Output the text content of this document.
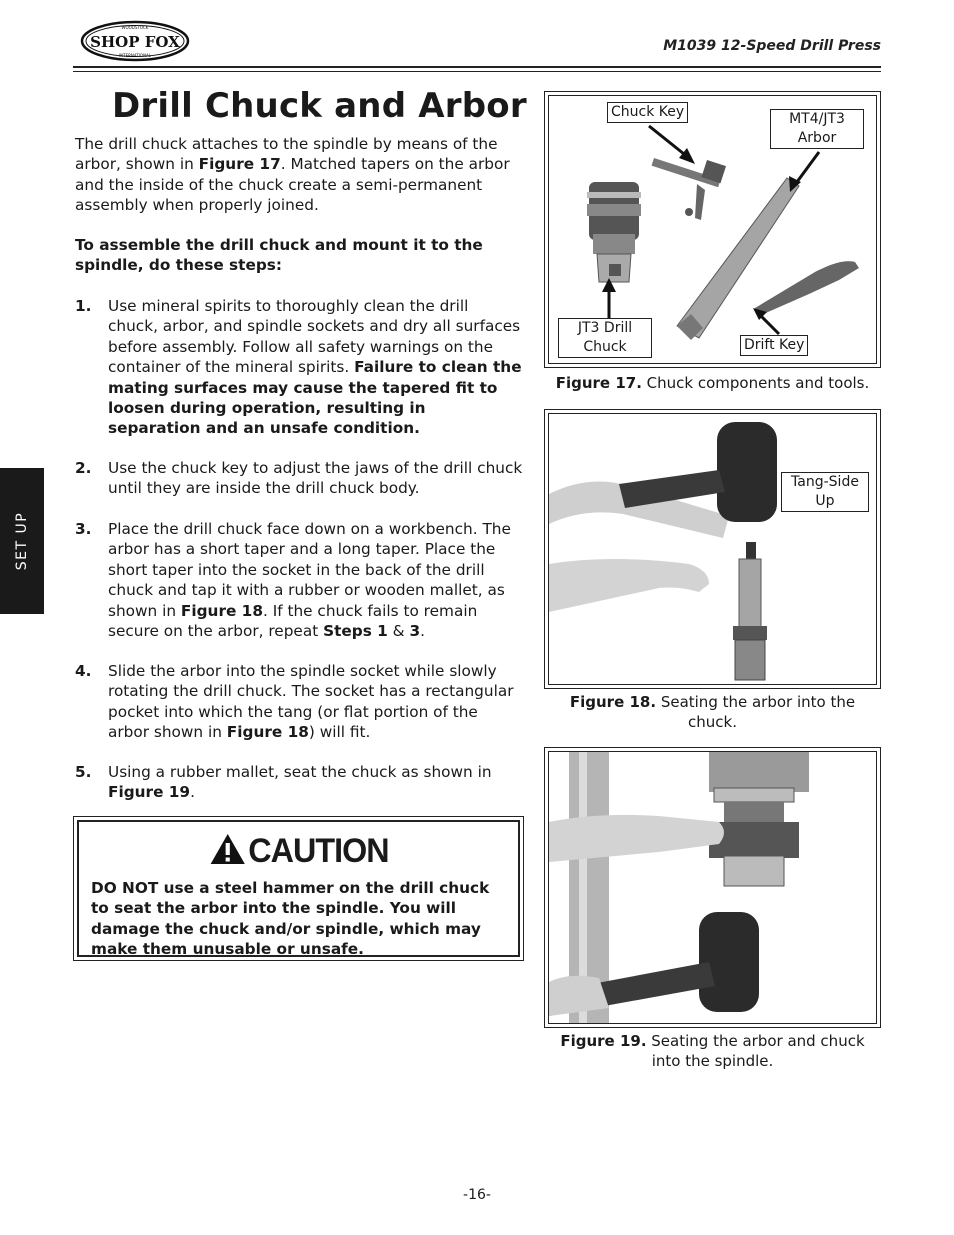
SHOP FOX
WOODSTOCK
INTERNATIONAL
M1039 12-Speed Drill Press
SET UP
Drill Chuck and Arbor
The drill chuck attaches to the spindle by means of the arbor, shown in Figure 17. Matched tapers on the arbor and the inside of the chuck create a semi-permanent assembly when properly joined.
To assemble the drill chuck and mount it to the spindle, do these steps:
1. Use mineral spirits to thoroughly clean the drill chuck, arbor, and spindle sockets and dry all surfaces before assembly. Follow all safety warnings on the container of the mineral spirits. Failure to clean the mating surfaces may cause the tapered fit to loosen during operation, resulting in separation and an unsafe condition.
2. Use the chuck key to adjust the jaws of the drill chuck until they are inside the drill chuck body.
3. Place the drill chuck face down on a workbench. The arbor has a short taper and a long taper. Place the short taper into the socket in the back of the drill chuck and tap it with a rubber or wooden mallet, as shown in Figure 18. If the chuck fails to remain secure on the arbor, repeat Steps 1 & 3.
4. Slide the arbor into the spindle socket while slowly rotating the drill chuck. The socket has a rectangular pocket into which the tang (or flat portion of the arbor shown in Figure 18) will fit.
5. Using a rubber mallet, seat the chuck as shown in Figure 19.
CAUTION
DO NOT use a steel hammer on the drill chuck to seat the arbor into the spindle. You will damage the chuck and/or spindle, which may make them unusable or unsafe.
Chuck Key	MT4/JT3
Arbor
JT3 Drill
Chuck	Drift Key
Figure 17. Chuck components and tools.
Tang-Side
Up
Figure 18. Seating the arbor into the chuck.
Figure 19. Seating the arbor and chuck into the spindle.
-16-
